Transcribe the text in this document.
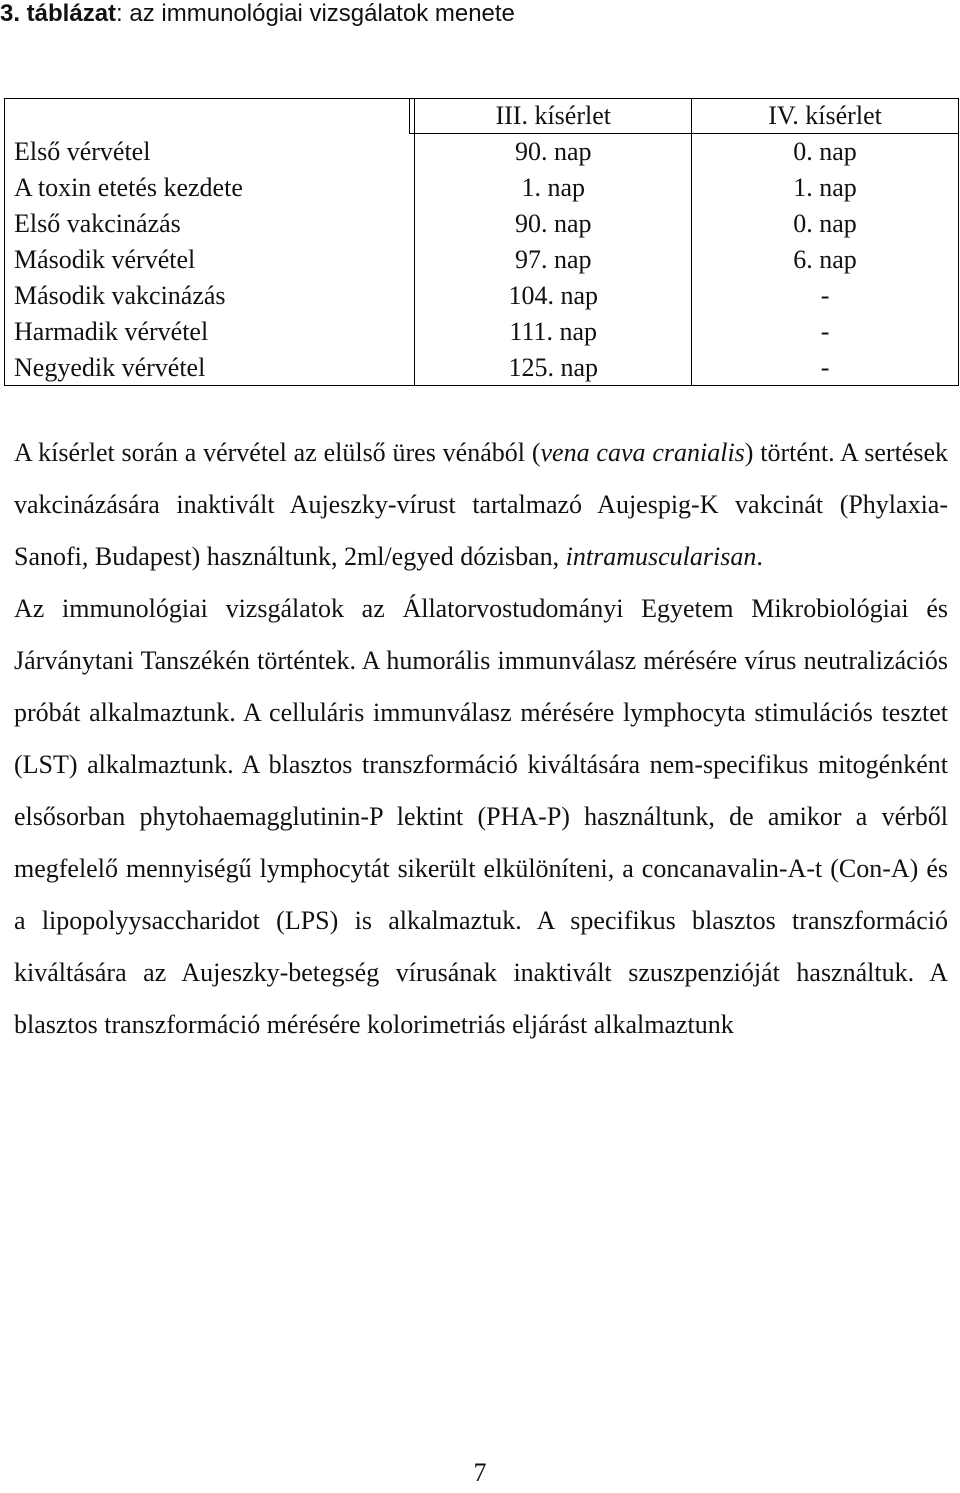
3. táblázat: az immunológiai vizsgálatok menete
	III. kísérlet	IV. kísérlet
Első vérvétel	90. nap	0. nap
A toxin etetés kezdete	1. nap	1. nap
Első vakcinázás	90. nap	0. nap
Második vérvétel	97. nap	6. nap
Második vakcinázás	104. nap	-
Harmadik vérvétel	111. nap	-
Negyedik vérvétel	125. nap	-

A kísérlet során a vérvétel az elülső üres vénából (vena cava cranialis) történt. A sertések vakcinázására inaktivált Aujeszky-vírust tartalmazó Aujespig-K vakcinát (Phylaxia-Sanofi, Budapest) használtunk, 2ml/egyed dózisban, intramuscularisan.

Az immunológiai vizsgálatok az Állatorvostudományi Egyetem Mikrobiológiai és Járványtani Tanszékén történtek. A humorális immunválasz mérésére vírus neutralizációs próbát alkalmaztunk. A celluláris immunválasz mérésére lymphocyta stimulációs tesztet (LST) alkalmaztunk. A blasztos transzformáció kiváltására nem-specifikus mitogénként elsősorban phytohaemagglutinin-P lektint (PHA-P) használtunk, de amikor a vérből megfelelő mennyiségű lymphocytát sikerült elkülöníteni, a concanavalin-A-t (Con-A) és a lipopolyysaccharidot (LPS) is alkalmaztuk. A specifikus blasztos transzformáció kiváltására az Aujeszky-betegség vírusának inaktivált szuszpenzióját használtuk. A blasztos transzformáció mérésére kolorimetriás eljárást alkalmaztunk

7
